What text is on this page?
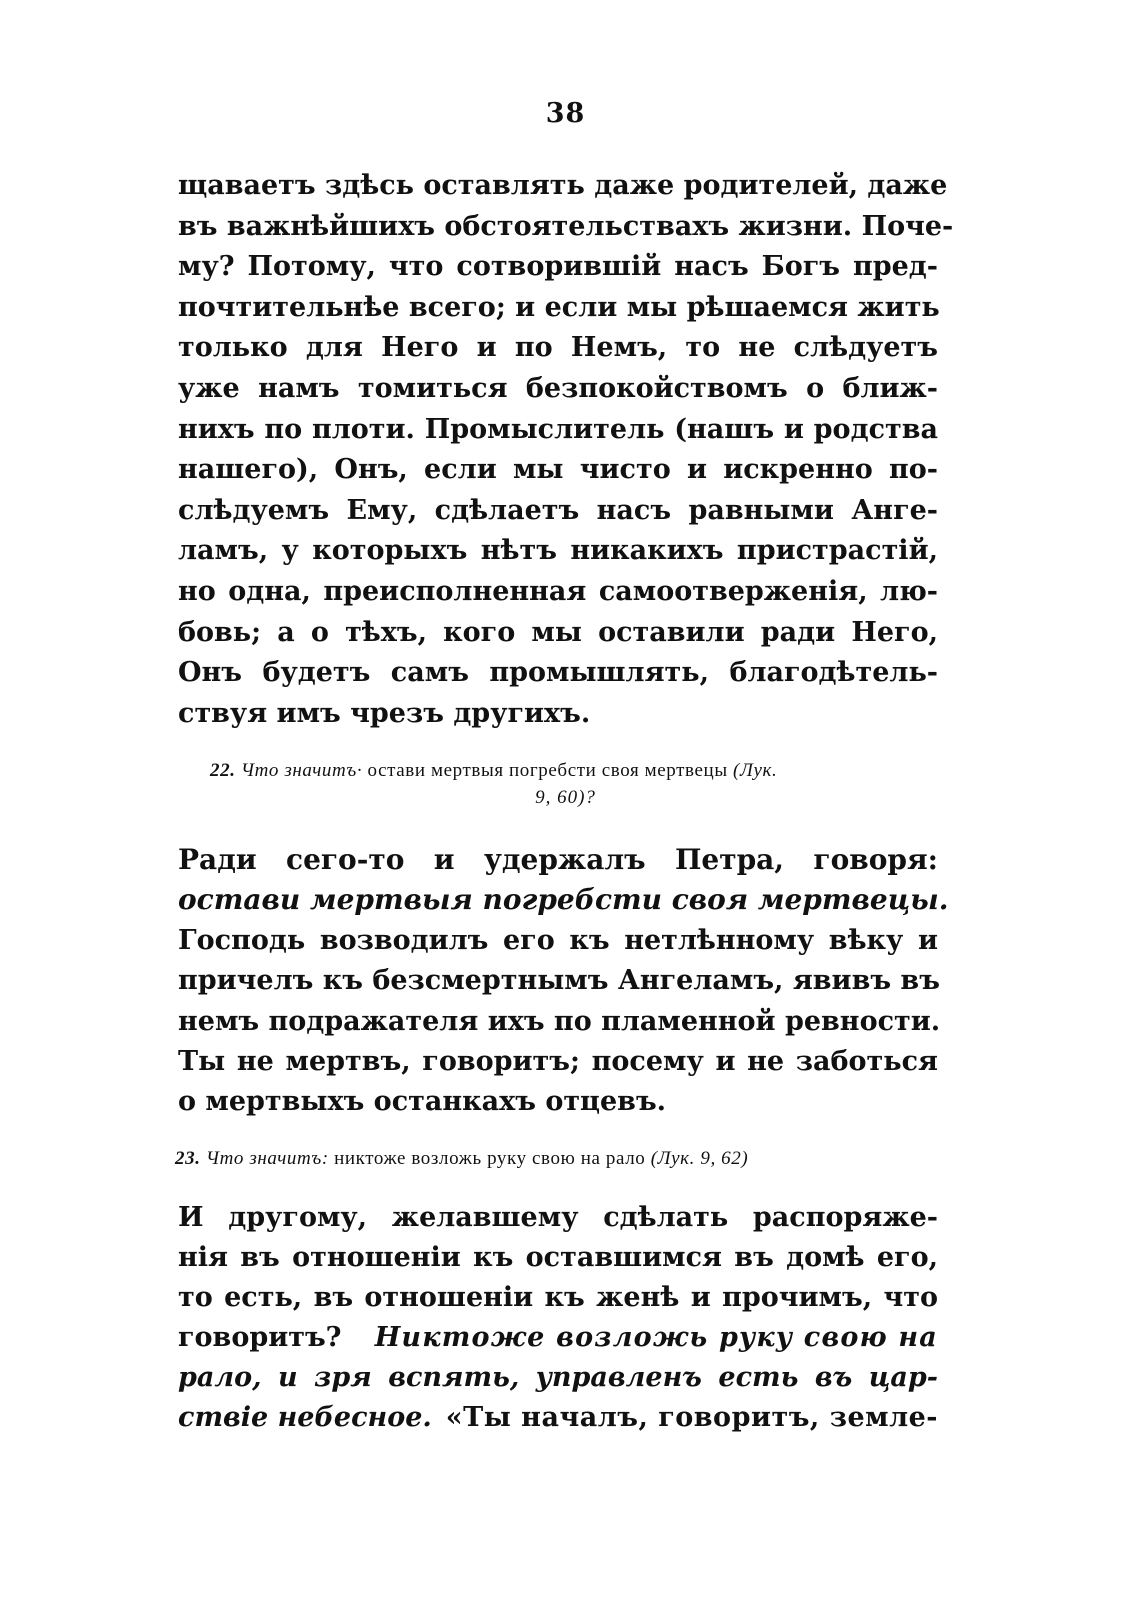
38
щаваетъ здѣсь оставлять даже родителей, даже
въ важнѣйшихъ обстоятельствахъ жизни. Поче-
му? Потому, что сотворившій насъ Богъ пред-
почтительнѣе всего; и если мы рѣшаемся жить
только для Него и по Немъ, то не слѣдуетъ
уже намъ томиться безпокойствомъ о ближ-
нихъ по плоти. Промыслитель (нашъ и родства
нашего), Онъ, если мы чисто и искренно по-
слѣдуемъ Ему, сдѣлаетъ насъ равными Анге-
ламъ, у которыхъ нѣтъ никакихъ пристрастій,
но одна, преисполненная самоотверженія, лю-
бовь; а о тѣхъ, кого мы оставили ради Него,
Онъ будетъ самъ промышлять, благодѣтель-
ствуя имъ чрезъ другихъ.
22. Что значитъ· остави мертвыя погребсти своя мертвецы (Лук.
9, 60)?
Ради сего-то и удержалъ Петра, говоря:
остави мертвыя погребсти своя мертвецы.
Господь возводилъ его къ нетлѣнному вѣку и
причелъ къ безсмертнымъ Ангеламъ, явивъ въ
немъ подражателя ихъ по пламенной ревности.
Ты не мертвъ, говоритъ; посему и не заботься
о мертвыхъ останкахъ отцевъ.
23. Что значитъ: никтоже возложь руку свою на рало (Лук. 9, 62)
И другому, желавшему сдѣлать распоряже-
нія въ отношеніи къ оставшимся въ домѣ его,
то есть, въ отношеніи къ женѣ и прочимъ, что
говоритъ? Никтоже возложь руку свою на
рало, и зря вспять, управленъ есть въ цар-
ствіе небесное. «Ты началъ, говоритъ, земле-
